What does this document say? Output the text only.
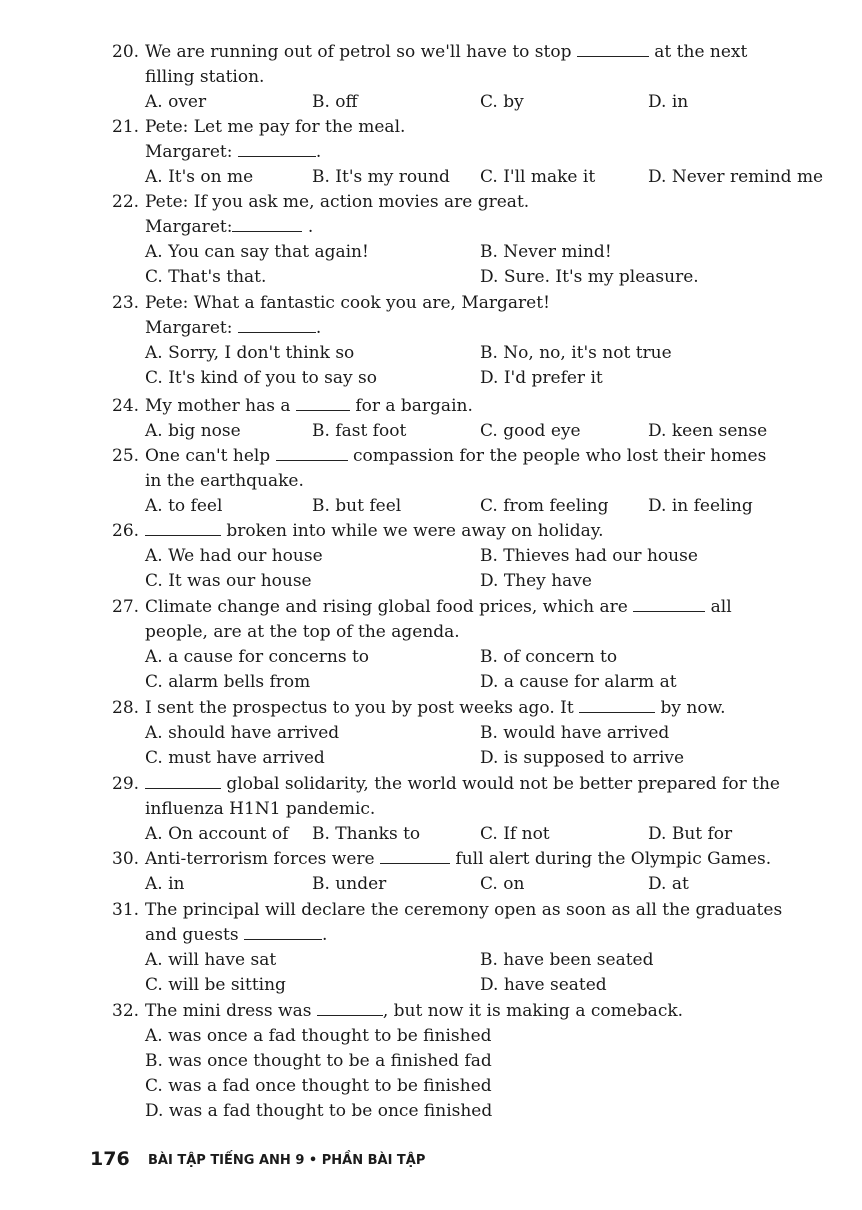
20. We are running out of petrol so we'll have to stop	at the next
filling station.
A. over	B. off	C. by	D. in
21. Pete: Let me pay for the meal.
Margaret:	.
A. It's on me	B. It's my round C. I'll make it	D. Never remind me
22. Pete: If you ask me, action movies are great.
Margaret:	.
A. You can say that again!	B. Never mind!
C. That's that.	D. Sure. It's my pleasure.
23. Pete: What a fantastic cook you are, Margaret!
Margaret:	.
A. Sorry, I don't think so	B. No, no, it's not true
C. It's kind of you to say so	D. I'd prefer it
24. My mother has a	for a bargain.
A. big nose	B. fast foot	C. good eye	D. keen sense
25. One can't help	compassion for the people who lost their homes
in the earthquake.
A. to feel	B. but feel	C. from feeling D. in feeling
26.	broken into while we were away on holiday.
A. We had our house	B. Thieves had our house
C. It was our house	D. They have
27. Climate change and rising global food prices, which are	all
people, are at the top of the agenda.
A. a cause for concerns to	B. of concern to
C. alarm bells from	D. a cause for alarm at
28. I sent the prospectus to you by post weeks ago. It	by now.
A. should have arrived	B. would have arrived
C. must have arrived	D. is supposed to arrive
29.	global solidarity, the world would not be better prepared for the
influenza H1N1 pandemic.
A. On account of B. Thanks to	C. If not	D. But for
30. Anti-terrorism forces were	full alert during the Olympic Games.
A. in	B. under	C. on	D. at
31. The principal will declare the ceremony open as soon as all the graduates
and guests	.
A. will have sat	B. have been seated
C. will be sitting	D. have seated
32. The mini dress was	, but now it is making a comeback.
A. was once a fad thought to be finished
B. was once thought to be a finished fad
C. was a fad once thought to be finished
D. was a fad thought to be once finished
176 BÀI TẬP TIẾNG ANH 9 • PHẦN BÀI TẬP
